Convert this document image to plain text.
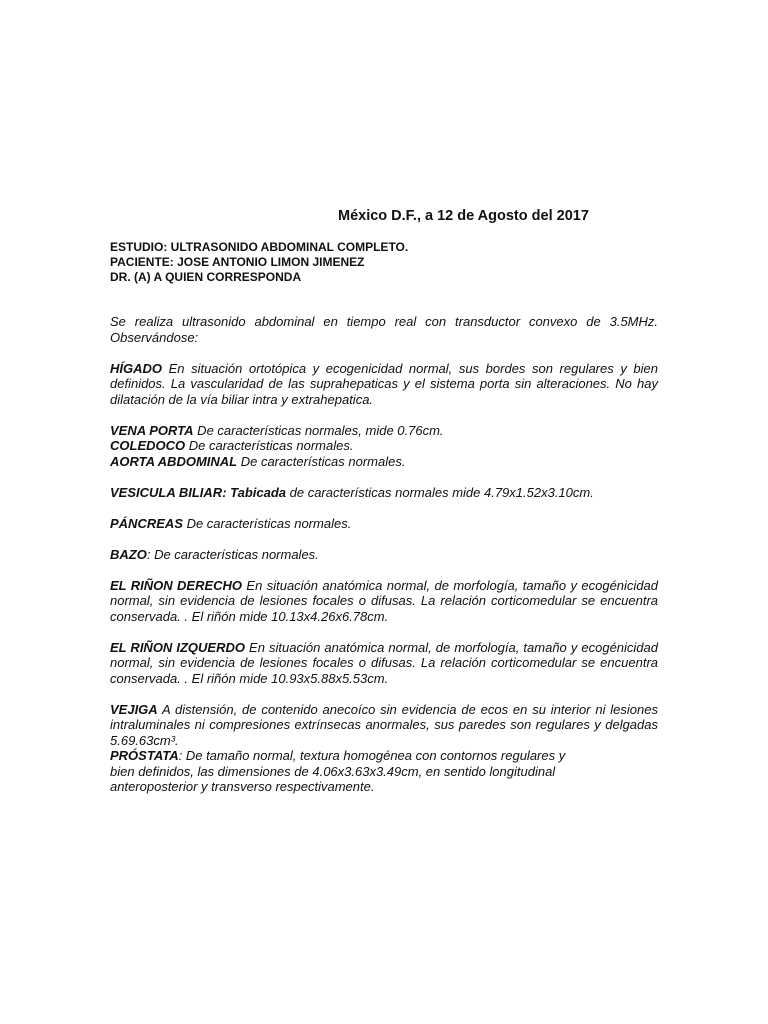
México D.F., a 12 de Agosto del 2017
ESTUDIO: ULTRASONIDO ABDOMINAL COMPLETO.
PACIENTE: JOSE ANTONIO LIMON JIMENEZ
DR. (A) A QUIEN CORRESPONDA

Se realiza ultrasonido abdominal en tiempo real con transductor convexo de 3.5MHz. Observándose:

HÍGADO En situación ortotópica y ecogenicidad normal, sus bordes son regulares y bien definidos. La vascularidad de las suprahepaticas y el sistema porta sin alteraciones. No hay dilatación de la vía biliar intra y extrahepatica.

VENA PORTA De características normales, mide 0.76cm.

COLEDOCO De características normales.

AORTA ABDOMINAL De características normales.

VESICULA BILIAR: Tabicada de características normales mide 4.79x1.52x3.10cm.

PÁNCREAS De características normales.

BAZO: De características normales.

EL RIÑON DERECHO En situación anatómica normal, de morfología, tamaño y ecogénicidad normal, sin evidencia de lesiones focales o difusas. La relación corticomedular se encuentra conservada. . El riñón mide 10.13x4.26x6.78cm.

EL RIÑON IZQUERDO En situación anatómica normal, de morfología, tamaño y ecogénicidad normal, sin evidencia de lesiones focales o difusas. La relación corticomedular se encuentra conservada. . El riñón mide 10.93x5.88x5.53cm.

VEJIGA A distensión, de contenido anecoíco sin evidencia de ecos en su interior ni lesiones intraluminales ni compresiones extrínsecas anormales, sus paredes son regulares y delgadas 5.69.63cm³.

PRÓSTATA: De tamaño normal, textura homogénea con contornos regulares y
bien definidos, las dimensiones de 4.06x3.63x3.49cm, en sentido longitudinal
anteroposterior y transverso respectivamente.
